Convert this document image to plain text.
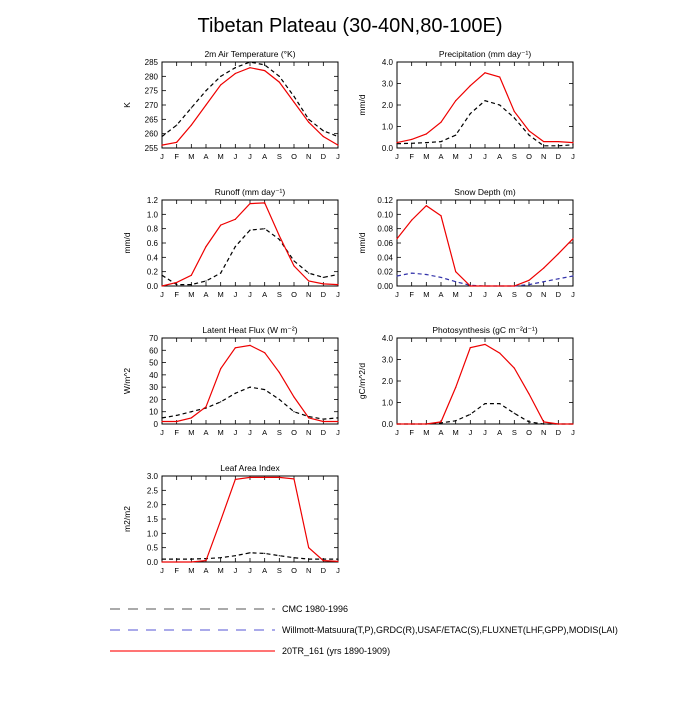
Tibetan Plateau (30-40N,80-100E)
2m Air Temperature (°K)
K
255
260
265
270
275
280
285
J F M A M J J A S O N D J
Precipitation (mm day⁻¹)
mm/d
0.0
1.0
2.0
3.0
4.0
J F M A M J J A S O N D J
Runoff (mm day⁻¹)
mm/d
0.0
0.2
0.4
0.6
0.8
1.0
1.2
J F M A M J J A S O N D J
Snow Depth (m)
mm/d
0.00
0.02
0.04
0.06
0.08
0.10
0.12
J F M A M J J A S O N D J
Latent Heat Flux (W m⁻²)
W/m^2
0
10
20
30
40
50
60
70
J F M A M J J A S O N D J
Photosynthesis (gC m⁻²d⁻¹)
gC/m^2/d
0.0
1.0
2.0
3.0
4.0
J F M A M J J A S O N D J
Leaf Area Index
m2/m2
0.0
0.5
1.0
1.5
2.0
2.5
3.0
J F M A M J J A S O N D J
CMC 1980-1996
Willmott-Matsuura(T,P),GRDC(R),USAF/ETAC(S),FLUXNET(LHF,GPP),MODIS(LAI)
20TR_161 (yrs 1890-1909)
